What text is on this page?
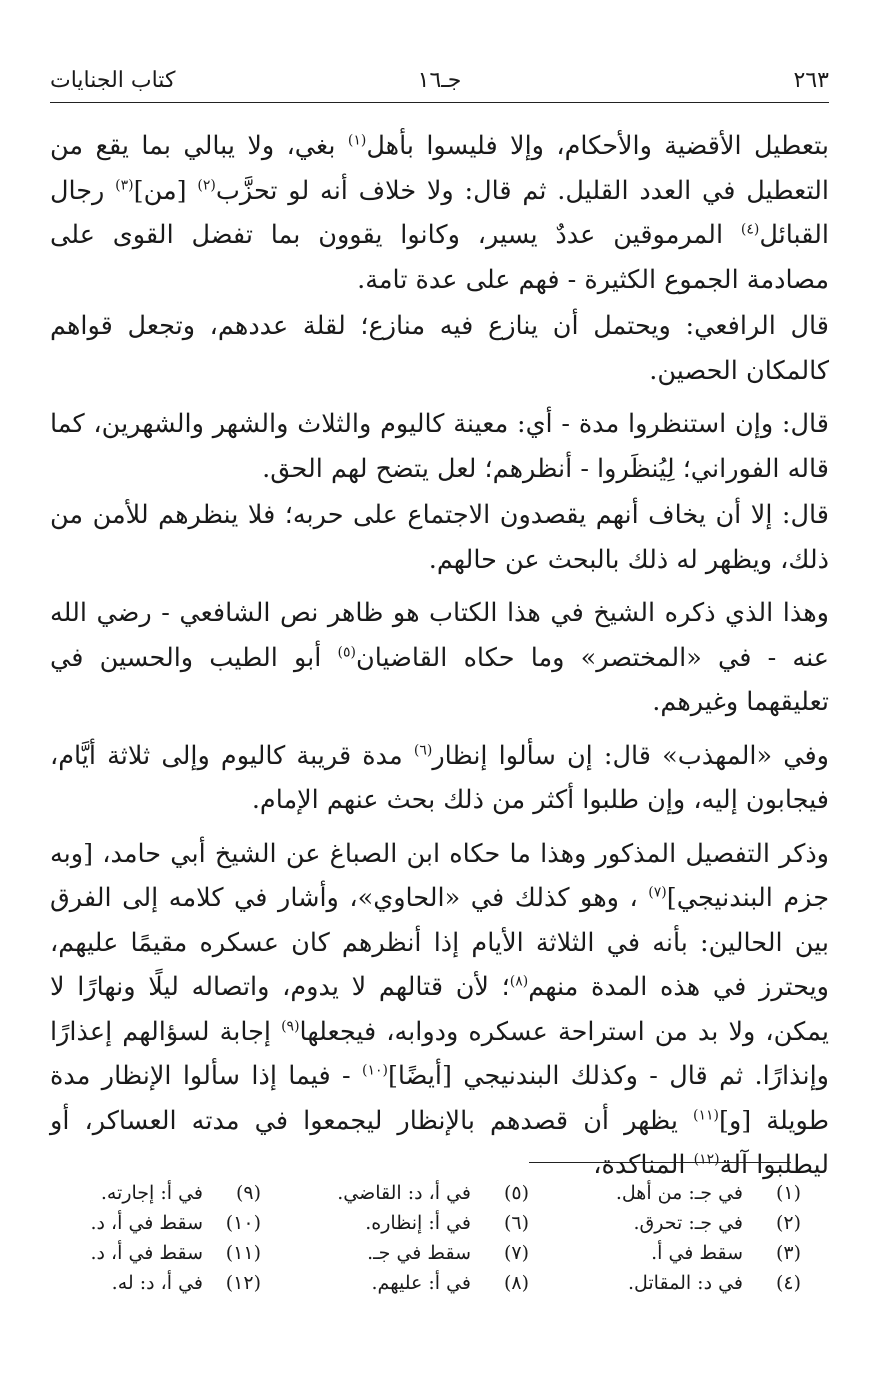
٢٦٣
جـ١٦
كتاب الجنايات

بتعطيل الأقضية والأحكام، وإلا فليسوا بأهل$^{(١)}$ بغي، ولا يبالي بما يقع من التعطيل في العدد القليل. ثم قال: ولا خلاف أنه لو تحزَّب$^{(٢)}$ [من]$^{(٣)}$ رجال القبائل$^{(٤)}$ المرموقين عددٌ يسير، وكانوا يقوون بما تفضل القوى على مصادمة الجموع الكثيرة - فهم على عدة تامة.

قال الرافعي: ويحتمل أن ينازع فيه منازع؛ لقلة عددهم، وتجعل قواهم كالمكان الحصين.

قال: وإن استنظروا مدة - أي: معينة كاليوم والثلاث والشهر والشهرين، كما قاله الفوراني؛ لِيُنظَروا - أنظرهم؛ لعل يتضح لهم الحق.

قال: إلا أن يخاف أنهم يقصدون الاجتماع على حربه؛ فلا ينظرهم للأمن من ذلك، ويظهر له ذلك بالبحث عن حالهم.

وهذا الذي ذكره الشيخ في هذا الكتاب هو ظاهر نص الشافعي - رضي الله عنه - في «المختصر» وما حكاه القاضيان$^{(٥)}$ أبو الطيب والحسين في تعليقهما وغيرهم.

وفي «المهذب» قال: إن سألوا إنظار$^{(٦)}$ مدة قريبة كاليوم وإلى ثلاثة أيَّام، فيجابون إليه، وإن طلبوا أكثر من ذلك بحث عنهم الإمام.

وذكر التفصيل المذكور وهذا ما حكاه ابن الصباغ عن الشيخ أبي حامد، [وبه جزم البندنيجي]$^{(٧)}$ ، وهو كذلك في «الحاوي»، وأشار في كلامه إلى الفرق بين الحالين: بأنه في الثلاثة الأيام إذا أنظرهم كان عسكره مقيمًا عليهم، ويحترز في هذه المدة منهم$^{(٨)}$؛ لأن قتالهم لا يدوم، واتصاله ليلًا ونهارًا لا يمكن، ولا بد من استراحة عسكره ودوابه، فيجعلها$^{(٩)}$ إجابة لسؤالهم إعذارًا وإنذارًا. ثم قال - وكذلك البندنيجي [أيضًا]$^{(١٠)}$ - فيما إذا سألوا الإنظار مدة طويلة [و]$^{(١١)}$ يظهر أن قصدهم بالإنظار ليجمعوا في مدته العساكر، أو ليطلبوا آلة$^{(١٢)}$ المناكدة،

(١)في جـ: من أهل.
(٢)في جـ: تحرق.
(٣)سقط في أ.
(٤)في د: المقاتل.
(٥)في أ، د: القاضي.
(٦)في أ: إنظاره.
(٧)سقط في جـ.
(٨)في أ: عليهم.
(٩)في أ: إجارته.
(١٠)سقط في أ، د.
(١١)سقط في أ، د.
(١٢)في أ، د: له.
